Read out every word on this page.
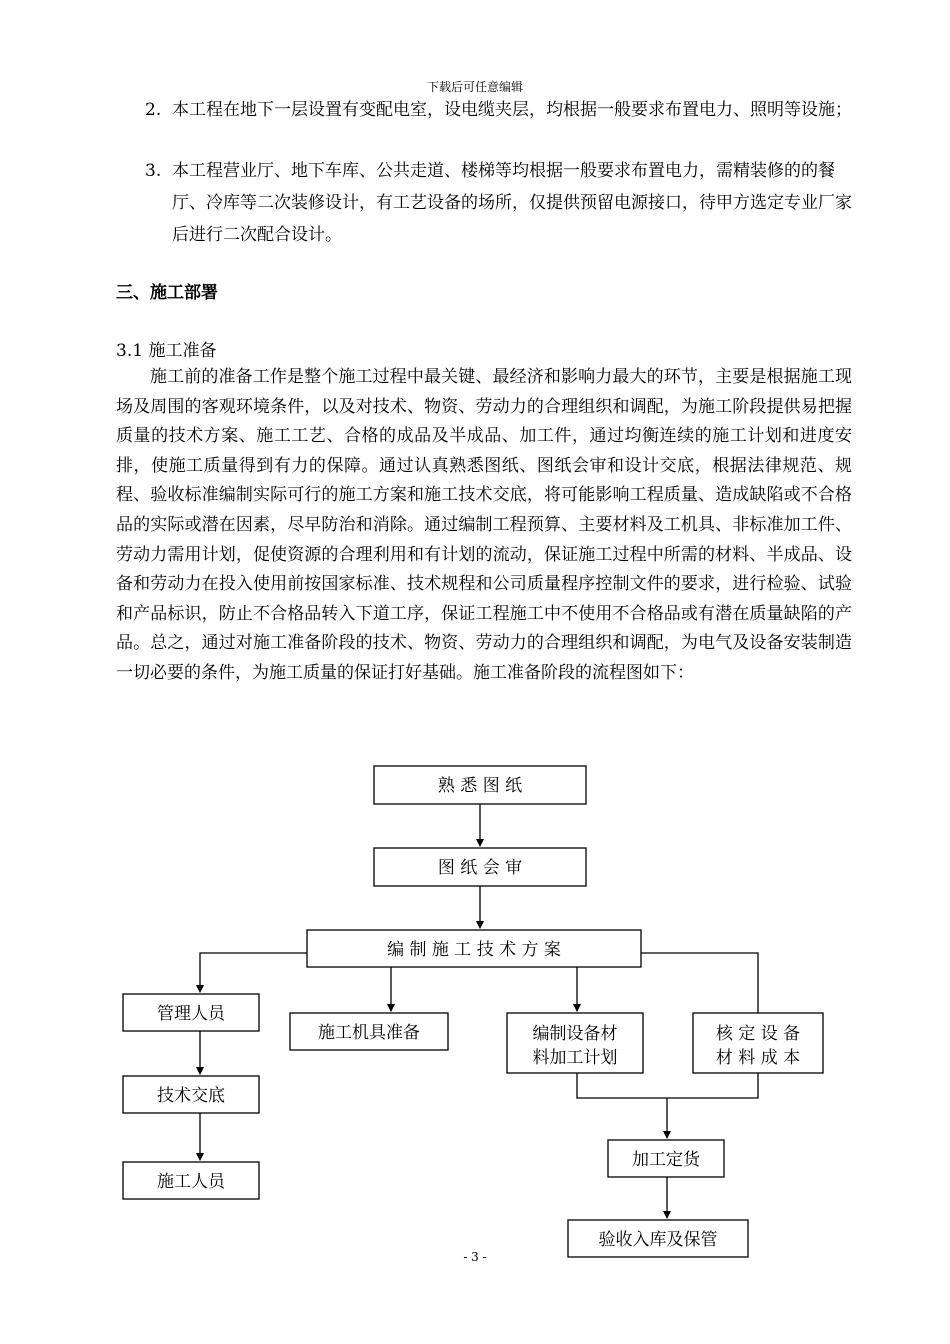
下载后可任意编辑
2. 本工程在地下一层设置有变配电室，设电缆夹层，均根据一般要求布置电力、照明等设施；
3. 本工程营业厅、地下车库、公共走道、楼梯等均根据一般要求布置电力，需精装修的的餐厅、冷库等二次装修设计，有工艺设备的场所，仅提供预留电源接口，待甲方选定专业厂家后进行二次配合设计。
三、施工部署
3.1 施工准备

施工前的准备工作是整个施工过程中最关键、最经济和影响力最大的环节，主要是根据施工现场及周围的客观环境条件，以及对技术、物资、劳动力的合理组织和调配，为施工阶段提供易把握质量的技术方案、施工工艺、合格的成品及半成品、加工件，通过均衡连续的施工计划和进度安排，使施工质量得到有力的保障。通过认真熟悉图纸、图纸会审和设计交底，根据法律规范、规程、验收标准编制实际可行的施工方案和施工技术交底，将可能影响工程质量、造成缺陷或不合格品的实际或潜在因素，尽早防治和消除。通过编制工程预算、主要材料及工机具、非标准加工件、劳动力需用计划，促使资源的合理利用和有计划的流动，保证施工过程中所需的材料、半成品、设备和劳动力在投入使用前按国家标准、技术规程和公司质量程序控制文件的要求，进行检验、试验和产品标识，防止不合格品转入下道工序，保证工程施工中不使用不合格品或有潜在质量缺陷的产品。总之，通过对施工准备阶段的技术、物资、劳动力的合理组织和调配，为电气及设备安装制造一切必要的条件，为施工质量的保证打好基础。施工准备阶段的流程图如下：

熟 悉 图 纸
图 纸 会 审
编 制 施 工 技 术 方 案
管理人员
技术交底
施工人员
施工机具准备	编制设备材
料加工计划
核 定 设 备
材 料 成 本
加工定货
验收入库及保管
- 3 -
